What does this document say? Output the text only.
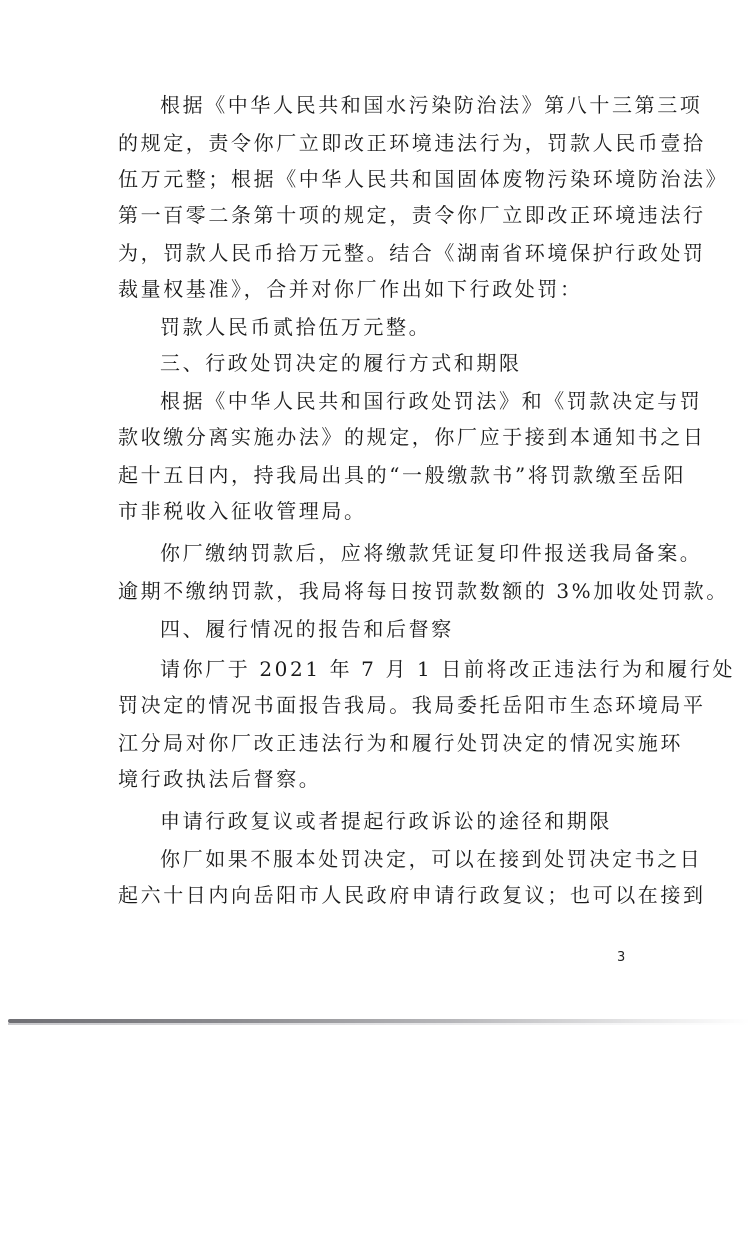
根据《中华人民共和国水污染防治法》第八十三第三项
的规定，责令你厂立即改正环境违法行为，罚款人民币壹拾
伍万元整；根据《中华人民共和国固体废物污染环境防治法》
第一百零二条第十项的规定，责令你厂立即改正环境违法行
为，罚款人民币拾万元整。结合《湖南省环境保护行政处罚
裁量权基准》，合并对你厂作出如下行政处罚：
罚款人民币贰拾伍万元整。
三、行政处罚决定的履行方式和期限
根据《中华人民共和国行政处罚法》和《罚款决定与罚
款收缴分离实施办法》的规定，你厂应于接到本通知书之日
起十五日内，持我局出具的“一般缴款书”将罚款缴至岳阳
市非税收入征收管理局。
你厂缴纳罚款后，应将缴款凭证复印件报送我局备案。
逾期不缴纳罚款，我局将每日按罚款数额的 3%加收处罚款。
四、履行情况的报告和后督察
请你厂于 2021 年 7 月 1 日前将改正违法行为和履行处
罚决定的情况书面报告我局。我局委托岳阳市生态环境局平
江分局对你厂改正违法行为和履行处罚决定的情况实施环
境行政执法后督察。
申请行政复议或者提起行政诉讼的途径和期限
你厂如果不服本处罚决定，可以在接到处罚决定书之日
起六十日内向岳阳市人民政府申请行政复议；也可以在接到
3
